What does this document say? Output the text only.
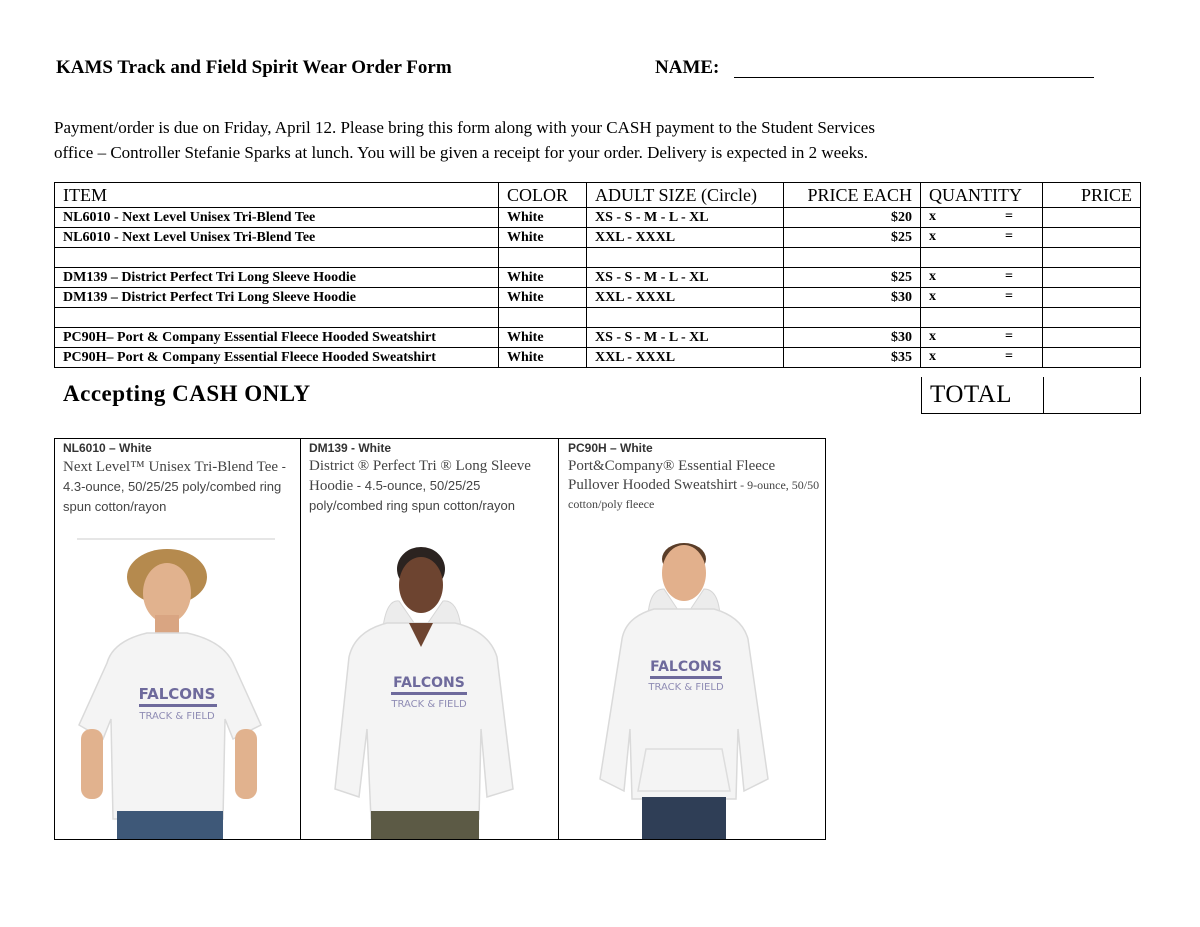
KAMS Track and Field Spirit Wear Order Form	NAME:
Payment/order is due on Friday, April 12. Please bring this form along with your CASH payment to the Student Services
office – Controller Stefanie Sparks at lunch. You will be given a receipt for your order. Delivery is expected in 2 weeks.
ITEM	COLOR	ADULT SIZE (Circle)	PRICE EACH	QUANTITY	PRICE
NL6010 - Next Level Unisex Tri-Blend Tee	White	XS - S - M - L - XL	$20	x =	

NL6010 - Next Level Unisex Tri-Blend Tee	White	XXL - XXXL	$25	x =	

DM139 – District Perfect Tri Long Sleeve Hoodie	White	XS - S - M - L - XL	$25	x =	

DM139 – District Perfect Tri Long Sleeve Hoodie	White	XXL - XXXL	$30	x =	

PC90H– Port & Company Essential Fleece Hooded Sweatshirt	White	XS - S - M - L - XL	$30	x =	

PC90H– Port & Company Essential Fleece Hooded Sweatshirt	White	XXL - XXXL	$35	x =	

Accepting CASH ONLY	TOTAL
NL6010 – White
Next Level™ Unisex Tri-Blend Tee - 4.3-ounce, 50/25/25 poly/combed ring spun cotton/rayon
FALCONS
TRACK & FIELD
DM139 - White
District ® Perfect Tri ® Long Sleeve Hoodie - 4.5-ounce, 50/25/25 poly/combed ring spun cotton/rayon
FALCONS
TRACK & FIELD
PC90H – White
Port&Company® Essential Fleece Pullover Hooded Sweatshirt - 9-ounce, 50/50 cotton/poly fleece
FALCONS
TRACK & FIELD
